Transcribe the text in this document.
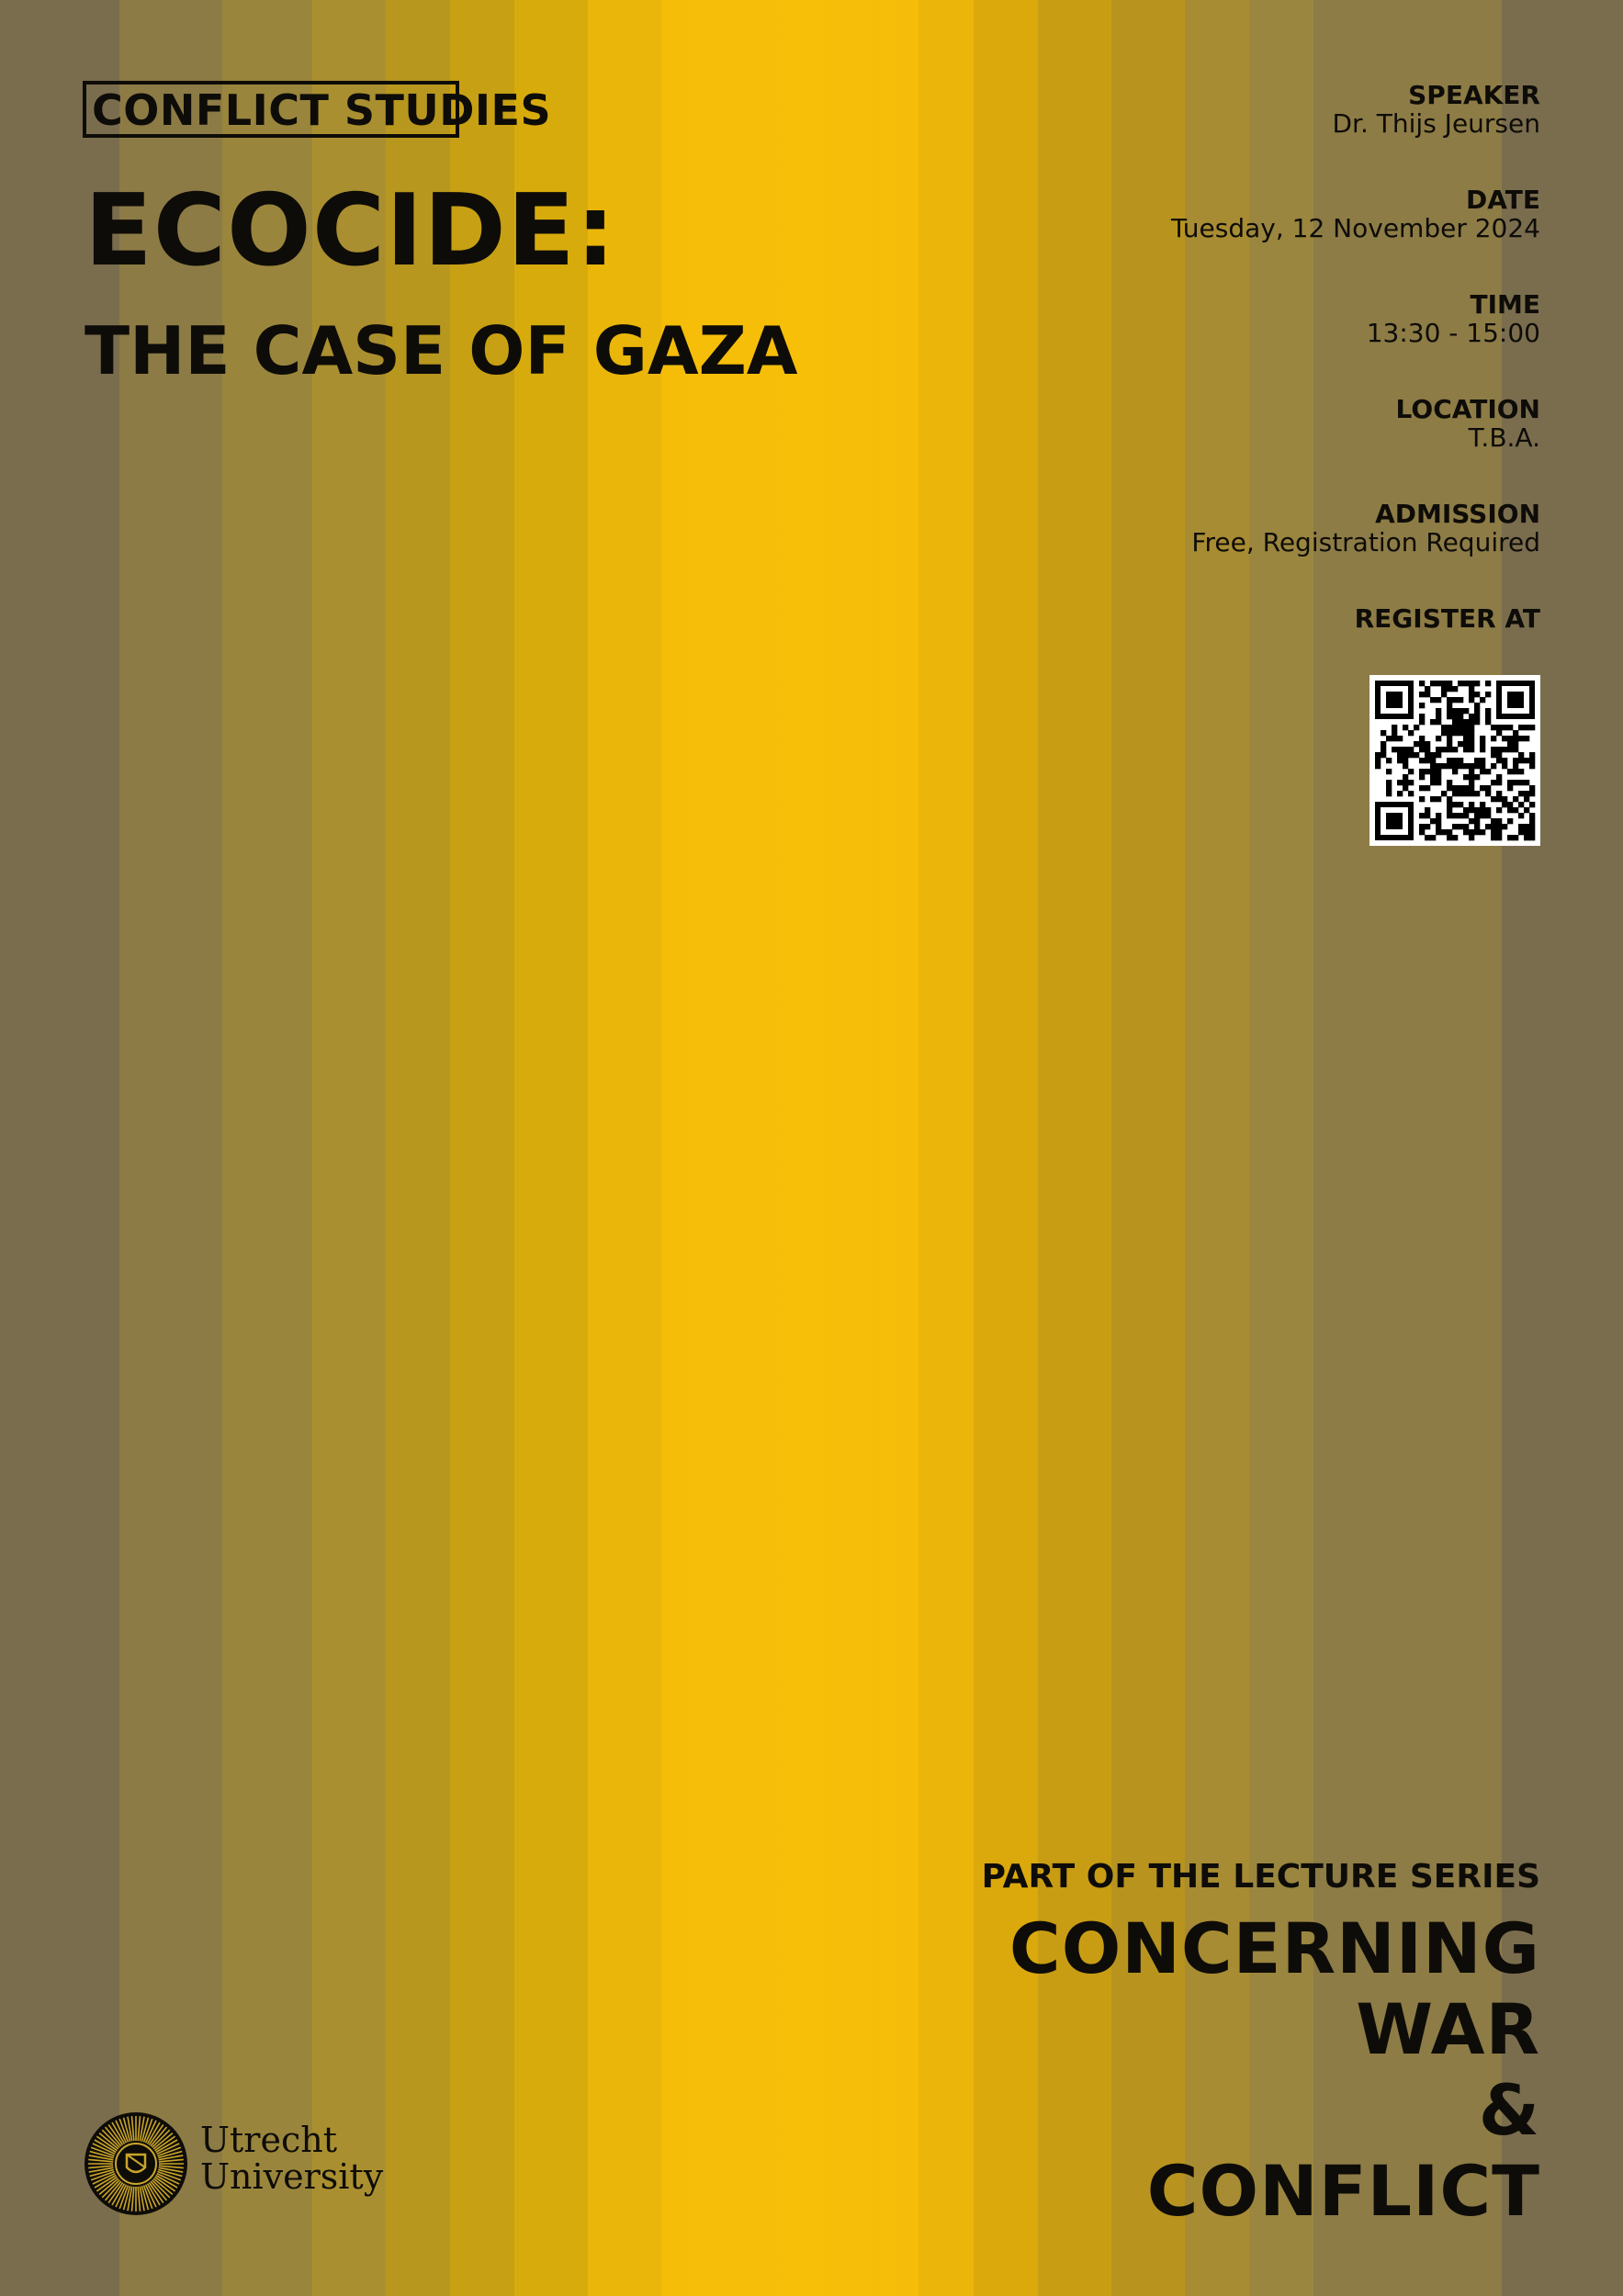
CONFLICT STUDIES
ECOCIDE:
THE CASE OF GAZA
SPEAKER
Dr. Thijs Jeursen
DATE
Tuesday, 12 November 2024
TIME
13:30 - 15:00
LOCATION
T.B.A.
ADMISSION
Free, Registration Required
REGISTER AT
PART OF THE LECTURE SERIES
CONCERNING
WAR
&
CONFLICT
Utrecht
University
